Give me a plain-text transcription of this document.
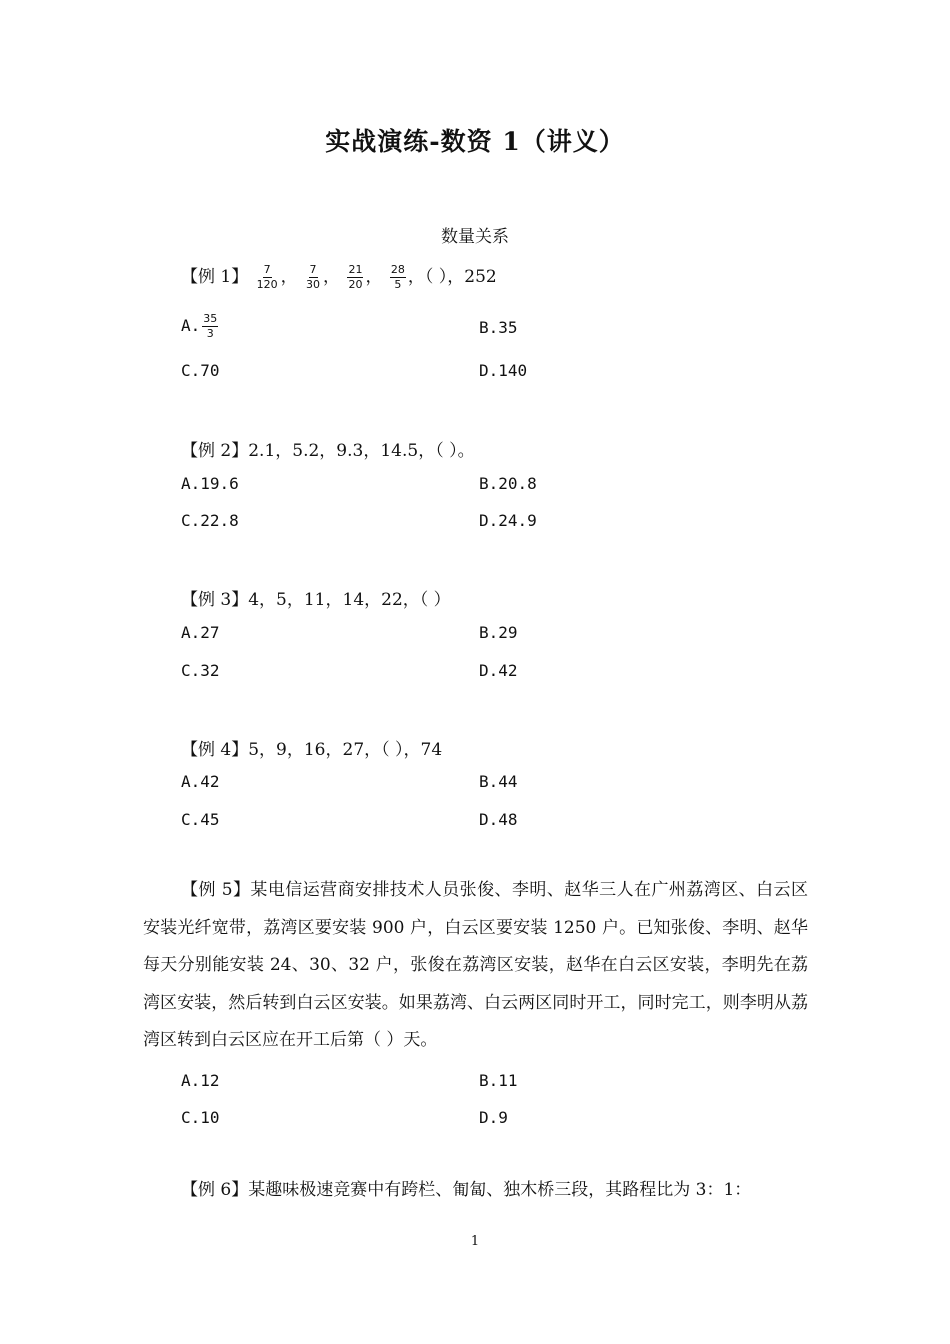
实战演练-数资 1（讲义）
数量关系
【例 1】 $\frac{7}{120}$ ， $\frac{7}{30}$ ， $\frac{21}{20}$ ， $\frac{28}{5}$ ，（ ），252
A. $\frac{35}{3}$	B.35
C.70	D.140
【例 2】2.1，5.2，9.3，14.5，（ ）。
A.19.6	B.20.8
C.22.8	D.24.9
【例 3】4，5，11，14，22，（ ）
A.27	B.29
C.32	D.42
【例 4】5，9，16，27，（ ），74
A.42	B.44
C.45	D.48
【例 5】某电信运营商安排技术人员张俊、李明、赵华三人在广州荔湾区、白云区安装光纤宽带，荔湾区要安装 900 户，白云区要安装 1250 户。已知张俊、李明、赵华每天分别能安装 24、30、32 户，张俊在荔湾区安装，赵华在白云区安装，李明先在荔湾区安装，然后转到白云区安装。如果荔湾、白云两区同时开工，同时完工，则李明从荔湾区转到白云区应在开工后第（ ）天。
A.12	B.11
C.10	D.9
【例 6】某趣味极速竞赛中有跨栏、匍匐、独木桥三段，其路程比为 3：1：
1
